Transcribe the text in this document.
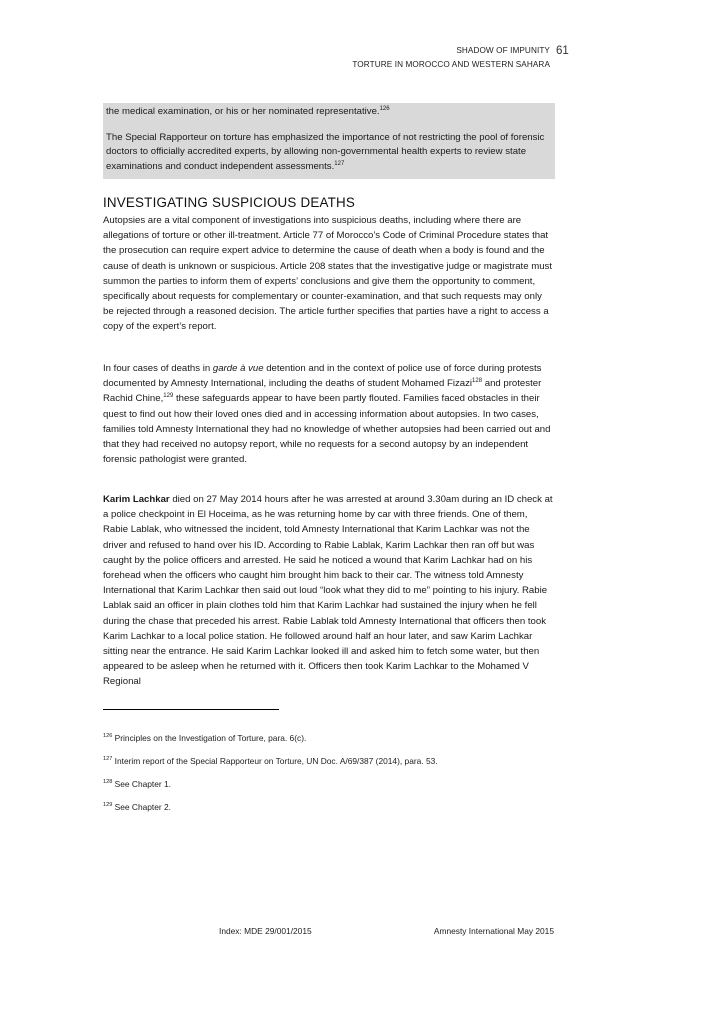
SHADOW OF IMPUNITY
TORTURE IN MOROCCO AND WESTERN SAHARA
61

the medical examination, or his or her nominated representative.$^{126}$

The Special Rapporteur on torture has emphasized the importance of not restricting the pool of forensic doctors to officially accredited experts, by allowing non-governmental health experts to review state examinations and conduct independent assessments.$^{127}$

INVESTIGATING SUSPICIOUS DEATHS

Autopsies are a vital component of investigations into suspicious deaths, including where there are allegations of torture or other ill-treatment. Article 77 of Morocco’s Code of Criminal Procedure states that the prosecution can require expert advice to determine the cause of death when a body is found and the cause of death is unknown or suspicious. Article 208 states that the investigative judge or magistrate must summon the parties to inform them of experts’ conclusions and give them the opportunity to comment, specifically about requests for complementary or counter-examination, and that such requests may only be rejected through a reasoned decision. The article further specifies that parties have a right to access a copy of the expert’s report.

In four cases of deaths in garde à vue detention and in the context of police use of force during protests documented by Amnesty International, including the deaths of student Mohamed Fizazi$^{128}$ and protester Rachid Chine,$^{129}$ these safeguards appear to have been partly flouted. Families faced obstacles in their quest to find out how their loved ones died and in accessing information about autopsies. In two cases, families told Amnesty International they had no knowledge of whether autopsies had been carried out and that they had received no autopsy report, while no requests for a second autopsy by an independent forensic pathologist were granted.

Karim Lachkar died on 27 May 2014 hours after he was arrested at around 3.30am during an ID check at a police checkpoint in El Hoceima, as he was returning home by car with three friends. One of them, Rabie Lablak, who witnessed the incident, told Amnesty International that Karim Lachkar was not the driver and refused to hand over his ID. According to Rabie Lablak, Karim Lachkar then ran off but was caught by the police officers and arrested. He said he noticed a wound that Karim Lachkar had on his forehead when the officers who caught him brought him back to their car. The witness told Amnesty International that Karim Lachkar then said out loud “look what they did to me” pointing to his injury. Rabie Lablak said an officer in plain clothes told him that Karim Lachkar had sustained the injury when he fell during the chase that preceded his arrest. Rabie Lablak told Amnesty International that officers then took Karim Lachkar to a local police station. He followed around half an hour later, and saw Karim Lachkar sitting near the entrance. He said Karim Lachkar looked ill and asked him to fetch some water, but then appeared to be asleep when he returned with it. Officers then took Karim Lachkar to the Mohamed V Regional

$^{126}$ Principles on the Investigation of Torture, para. 6(c).

$^{127}$ Interim report of the Special Rapporteur on Torture, UN Doc. A/69/387 (2014), para. 53.

$^{128}$ See Chapter 1.

$^{129}$ See Chapter 2.

Index: MDE 29/001/2015	Amnesty International May 2015
